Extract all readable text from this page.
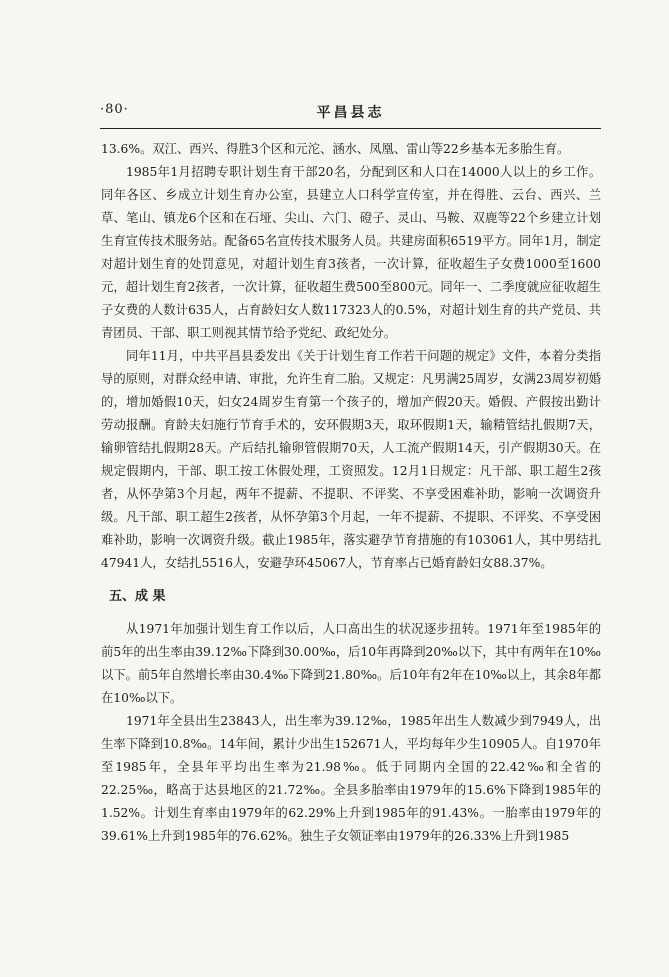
·80·	平昌县志

13.6%。双江、西兴、得胜3个区和元沱、涵水、凤凰、雷山等22乡基本无多胎生育。

1985年1月招聘专职计划生育干部20名，分配到区和人口在14000人以上的乡工作。同年各区、乡成立计划生育办公室，县建立人口科学宣传室，并在得胜、云台、西兴、兰草、笔山、镇龙6个区和在石垭、尖山、六门、磴子、灵山、马鞍、双鹿等22个乡建立计划生育宣传技术服务站。配备65名宣传技术服务人员。共建房面积6519平方。同年1月，制定对超计划生育的处罚意见，对超计划生育3孩者，一次计算，征收超生子女费1000至1600元，超计划生育2孩者，一次计算，征收超生费500至800元。同年一、二季度就应征收超生子女费的人数计635人，占育龄妇女人数117323人的0.5%，对超计划生育的共产党员、共青团员、干部、职工则视其情节给予党纪、政纪处分。

同年11月，中共平昌县委发出《关于计划生育工作若干问题的规定》文件，本着分类指导的原则，对群众经申请、审批，允许生育二胎。又规定：凡男满25周岁，女满23周岁初婚的，增加婚假10天，妇女24周岁生育第一个孩子的，增加产假20天。婚假、产假按出勤计劳动报酬。育龄夫妇施行节育手术的，安环假期3天，取环假期1天，输精管结扎假期7天，输卵管结扎假期28天。产后结扎输卵管假期70天，人工流产假期14天，引产假期30天。在规定假期内，干部、职工按工休假处理，工资照发。12月1日规定：凡干部、职工超生2孩者，从怀孕第3个月起，两年不提薪、不提职、不评奖、不享受困难补助，影响一次调资升级。凡干部、职工超生2孩者，从怀孕第3个月起，一年不提薪、不提职、不评奖、不享受困难补助，影响一次调资升级。截止1985年，落实避孕节育措施的有103061人，其中男结扎47941人，女结扎5516人，安避孕环45067人，节育率占已婚育龄妇女88.37%。

五、成 果

从1971年加强计划生育工作以后，人口高出生的状况逐步扭转。1971年至1985年的前5年的出生率由39.12‰下降到30.00‰，后10年再降到20‰以下，其中有两年在10‰以下。前5年自然增长率由30.4‰下降到21.80‰。后10年有2年在10‰以上，其余8年都在10‰以下。

1971年全县出生23843人，出生率为39.12‰，1985年出生人数减少到7949人，出生率下降到10.8‰。14年间，累计少出生152671人，平均每年少生10905人。自1970年至1985年，全县年平均出生率为21.98‰。低于同期内全国的22.42‰和全省的22.25‰，略高于达县地区的21.72‰。全县多胎率由1979年的15.6%下降到1985年的1.52%。计划生育率由1979年的62.29%上升到1985年的91.43%。一胎率由1979年的39.61%上升到1985年的76.62%。独生子女领证率由1979年的26.33%上升到1985
